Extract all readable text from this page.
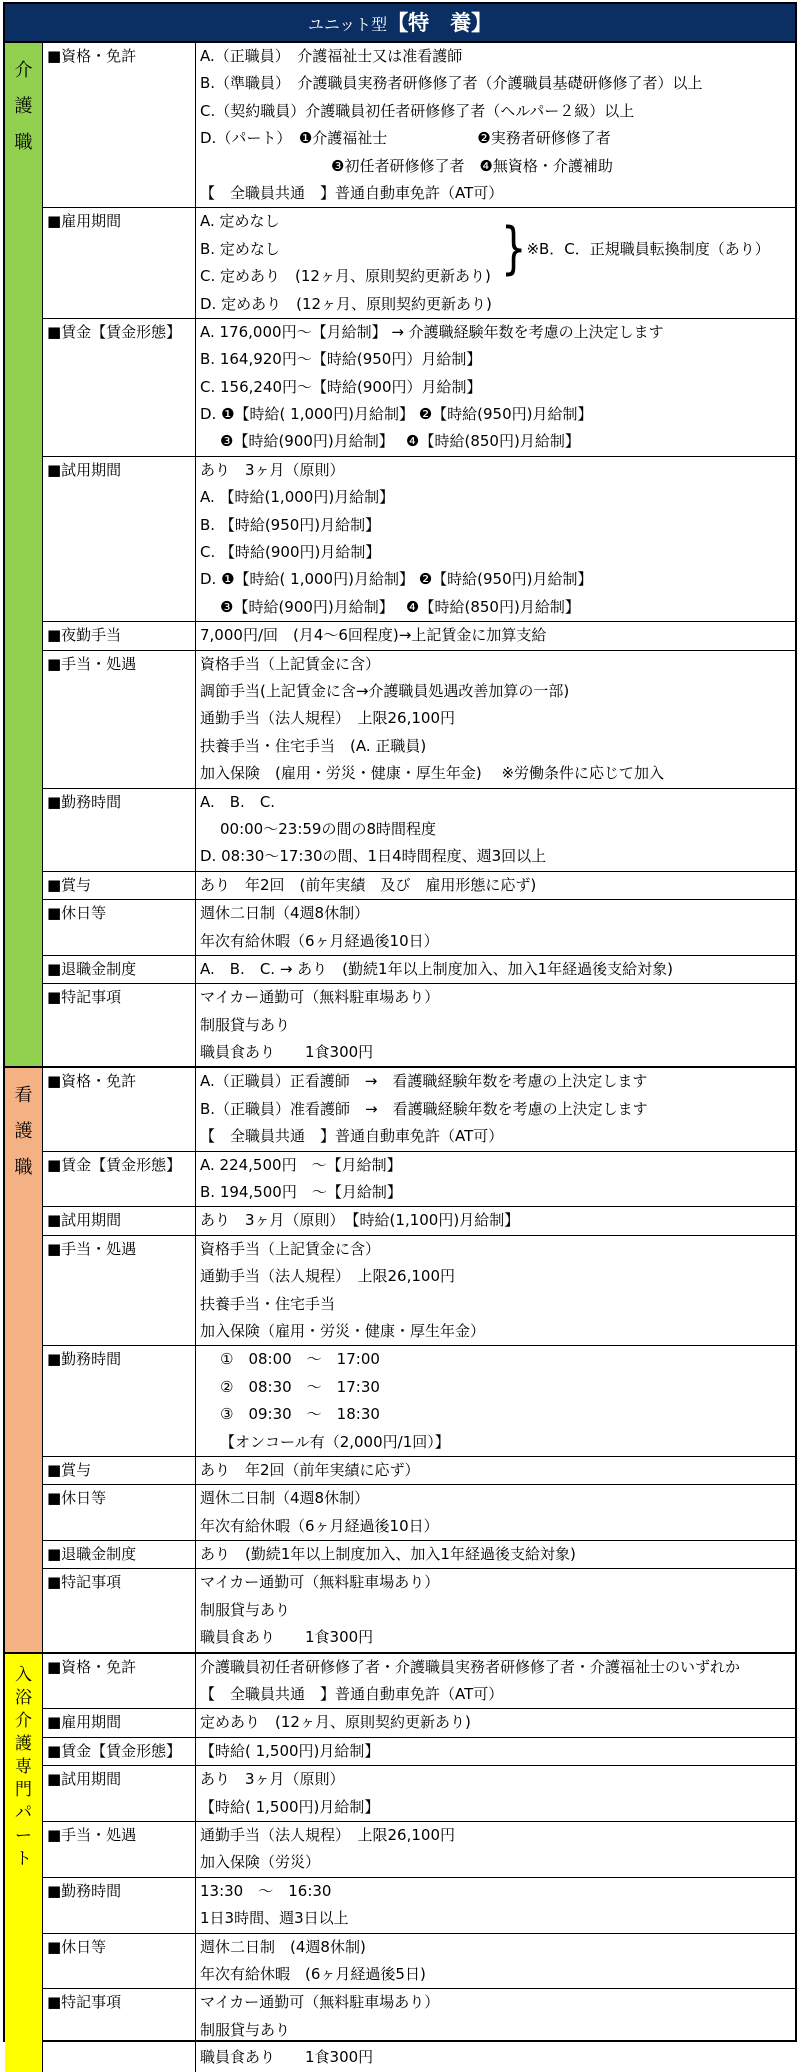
ユニット型【特　養】
介
護
職
■資格・免許	A.（正職員）　介護福祉士又は准看護師
B.（準職員）　介護職員実務者研修修了者（介護職員基礎研修修了者）以上
C.（契約職員）介護職員初任者研修修了者（ヘルパー２級）以上
D.（パート）　❶介護福祉士　　　　　　❷実務者研修修了者
　　　　　　　❸初任者研修修了者　❹無資格・介護補助
【　全職員共通　】普通自動車免許（AT可）
■雇用期間	A. 定めなし
B. 定めなし
C. 定めあり　(12ヶ月、原則契約更新あり)
D. 定めあり　(12ヶ月、原則契約更新あり)
}※B．C．正規職員転換制度（あり）
■賃金【賃金形態】	A. 176,000円～【月給制】 → 介護職経験年数を考慮の上決定します
B. 164,920円～【時給(950円）月給制】
C. 156,240円～【時給(900円）月給制】
D. ❶【時給( 1,000円)月給制】 ❷【時給(950円)月給制】
❸【時給(900円)月給制】　 ❹【時給(850円)月給制】
■試用期間	あり　3ヶ月（原則）
A. 【時給(1,000円)月給制】
B. 【時給(950円)月給制】
C. 【時給(900円)月給制】
D. ❶【時給( 1,000円)月給制】 ❷【時給(950円)月給制】
❸【時給(900円)月給制】　 ❹【時給(850円)月給制】
■夜勤手当	7,000円/回　(月4～6回程度)→上記賃金に加算支給
■手当・処遇	資格手当（上記賃金に含）
調節手当(上記賃金に含→介護職員処遇改善加算の一部)
通勤手当（法人規程）　上限26,100円
扶養手当・住宅手当　(A. 正職員)
加入保険　(雇用・労災・健康・厚生年金)　 ※労働条件に応じて加入
■勤務時間	A.　B.　C.
00:00～23:59の間の8時間程度
D. 08:30～17:30の間、1日4時間程度、週3回以上
■賞与	あり　年2回　(前年実績　及び　雇用形態に応ず)
■休日等	週休二日制（4週8休制）
年次有給休暇（6ヶ月経過後10日）
■退職金制度	A.　B.　C. → あり　(勤続1年以上制度加入、加入1年経過後支給対象)
■特記事項	マイカー通勤可（無料駐車場あり）
制服貸与あり
職員食あり　　1食300円
看
護
職
■資格・免許	A.（正職員）正看護師　→　看護職経験年数を考慮の上決定します
B.（正職員）准看護師　→　看護職経験年数を考慮の上決定します
【　全職員共通　】普通自動車免許（AT可）
■賃金【賃金形態】	A. 224,500円　～【月給制】
B. 194,500円　～【月給制】
■試用期間	あり　3ヶ月（原則）　【時給(1,100円)月給制】
■手当・処遇	資格手当（上記賃金に含）
通勤手当（法人規程）　上限26,100円
扶養手当・住宅手当
加入保険（雇用・労災・健康・厚生年金）
■勤務時間	①　08:00　～　17:00
②　08:30　～　17:30
③　09:30　～　18:30
【オンコール有（2,000円/1回）】
■賞与	あり　年2回（前年実績に応ず）
■休日等	週休二日制（4週8休制）
年次有給休暇（6ヶ月経過後10日）
■退職金制度	あり　(勤続1年以上制度加入、加入1年経過後支給対象)
■特記事項	マイカー通勤可（無料駐車場あり）
制服貸与あり
職員食あり　　1食300円
入
浴
介
護
専
門
パ
ー
ト
■資格・免許	介護職員初任者研修修了者・介護職員実務者研修修了者・介護福祉士のいずれか
【　全職員共通　】普通自動車免許（AT可）
■雇用期間	定めあり　(12ヶ月、原則契約更新あり)
■賃金【賃金形態】	【時給( 1,500円)月給制】
■試用期間	あり　3ヶ月（原則）
【時給( 1,500円)月給制】
■手当・処遇	通勤手当（法人規程）　上限26,100円
加入保険（労災）
■勤務時間	13:30　～　16:30
1日3時間、週3日以上
■休日等	週休二日制　(4週8休制)
年次有給休暇　(6ヶ月経過後5日)
■特記事項	マイカー通勤可（無料駐車場あり）
制服貸与あり
職員食あり　　1食300円
